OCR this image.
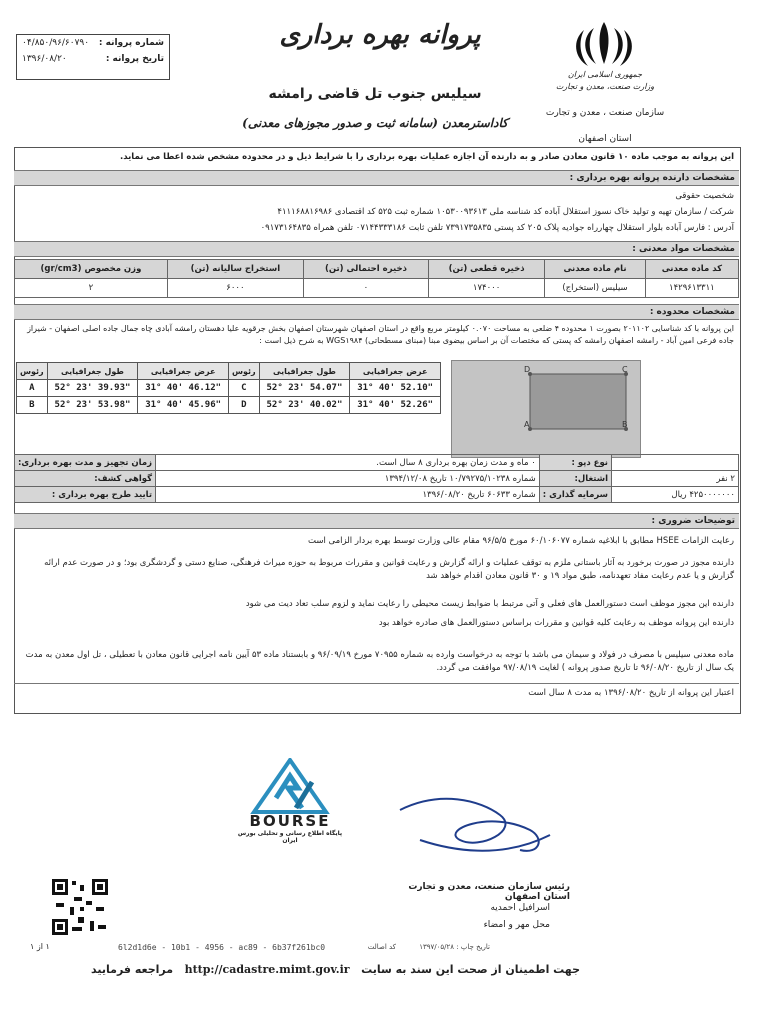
شماره پروانه :
۰۴/۸۵۰/۹۶/۶۰۷۹۰
تاریخ پروانه :
۱۳۹۶/۰۸/۲۰
پروانه بهره برداری
سیلیس جنوب تل قاضی رامشه
کاداسترمعدن (سامانه ثبت و صدور مجوزهای معدنی)
جمهوری اسلامی ایران
وزارت صنعت، معدن و تجارت
سازمان صنعت ، معدن و تجارت
استان اصفهان
این پروانه به موجب ماده ۱۰ قانون معادن صادر و به دارنده آن اجازه عملیات بهره برداری را با شرایط ذیل و در محدوده مشخص شده اعطا می نماید.
مشخصات دارنده پروانه بهره برداری :
شخصیت حقوقی
شرکت / سازمان تهیه و تولید خاک نسوز استقلال آباده کد شناسه ملی ۱۰۵۳۰۰۹۳۶۱۳ شماره ثبت ۵۲۵ کد اقتصادی ۴۱۱۱۶۸۸۱۶۹۸۶
آدرس : فارس آباده بلوار استقلال چهارراه جوادیه پلاک ۲۰۵ کد پستی ۷۳۹۱۷۳۵۸۳۵ تلفن ثابت ۰۷۱۴۴۳۳۳۱۸۶ تلفن همراه ۰۹۱۷۳۱۶۴۸۳۵
مشخصات مواد معدنی :
کد ماده معدنی	نام ماده معدنی	ذخیره قطعی (تن)	ذخیره احتمالی (تن)	استخراج سالیانه (تن)	وزن مخصوص (gr/cm3)
۱۴۲۹۶۱۳۳۱۱	سیلیس (استخراج)	۱۷۴۰۰۰	۰	۶۰۰۰	۲
مشخصات محدوده :
این پروانه با کد شناسایی ۲۰۱۱۰۲ بصورت ۱ محدوده ۴ ضلعی به مساحت ۰.۰۷۰ کیلومتر مربع واقع در استان اصفهان شهرستان اصفهان بخش جرقویه علیا دهستان رامشه آبادی چاه جمال جاده اصلی اصفهان - شیراز جاده فرعی امین آباد - رامشه اصفهان رامشه که پستی که مختصات آن بر اساس بیضوی مبنا (مبنای مسطحاتی) WGS۱۹۸۴ به شرح ذیل است :
رئوس	طول جغرافیایی	عرض جغرافیایی	رئوس	طول جغرافیایی	عرض جغرافیایی
A	52° 23' 39.93"	31° 40' 46.12"	C	52° 23' 54.07"	31° 40' 52.10"
B	52° 23' 53.98"	31° 40' 45.96"	D	52° 23' 40.02"	31° 40' 52.26"
A	B
C
D
زمان تجهیز و مدت بهره برداری:	۰ ماه و مدت زمان بهره برداری ۸ سال است.	نوع دپو :	
گواهی کشف:	شماره ۱۰/۷۹۲۷۵/۱۰۲۳۸ تاریخ ۱۳۹۴/۱۲/۰۸	اشتغال:	۲ نفر
تایید طرح بهره برداری :	شماره ۶۰۶۳۳ تاریخ ۱۳۹۶/۰۸/۲۰	سرمایه گذاری :	۴۲۵۰۰۰۰۰۰۰ ریال
توضیحات ضروری :
رعایت الزامات HSEE مطابق با ابلاغیه شماره ۶۰/۱۰۶۰۷۷ مورخ ۹۶/۵/۵ مقام عالی وزارت توسط بهره بردار الزامی است
دارنده مجوز در صورت برخورد به آثار باستانی ملزم به توقف عملیات و ارائه گزارش و رعایت قوانین و مقررات مربوط به حوزه میراث فرهنگی، صنایع دستی و گردشگری بود؛ و در صورت عدم ارائه گزارش و یا عدم رعایت مفاد تعهدنامه، طبق مواد ۱۹ و ۳۰ قانون معادن اقدام خواهد شد
دارنده این مجوز موظف است دستورالعمل های فعلی و آتی مرتبط با ضوابط زیست محیطی را رعایت نماید و لزوم سلب تعاد دیت می شود
دارنده این پروانه موظف به رعایت کلیه قوانین و مقررات براساس دستورالعمل های صادره خواهد بود
ماده معدنی سیلیس با مصرف در فولاد و سیمان می باشد با توجه به درخواست وارده به شماره ۷۰۹۵۵ مورخ ۹۶/۰۹/۱۹ و بابستناد ماده ۵۳ آیین نامه اجرایی قانون معادن با تعطیلی ، تل اول معدن به مدت یک سال از تاریخ ۹۶/۰۸/۲۰ تا تاریخ صدور پروانه ) لغایت ۹۷/۰۸/۱۹ موافقت می گردد.
اعتبار این پروانه از تاریخ ۱۳۹۶/۰۸/۲۰ به مدت ۸ سال است
BOURSE
پایگاه اطلاع رسانی و تحلیلی بورس ایران
رئیس سازمان صنعت، معدن و تجارت استان اصفهان
اسرافیل احمدیه
محل مهر و امضاء
۱ از ۱	6l2d1d6e - 10b1 - 4956 - ac89 - 6b37f261bc0	کد اصالت	تاریخ چاپ : ۱۳۹۷/۰۵/۲۸
جهت اطمینان از صحت این سند به سایت   http://cadastre.mimt.gov.ir   مراجعه فرمایید
